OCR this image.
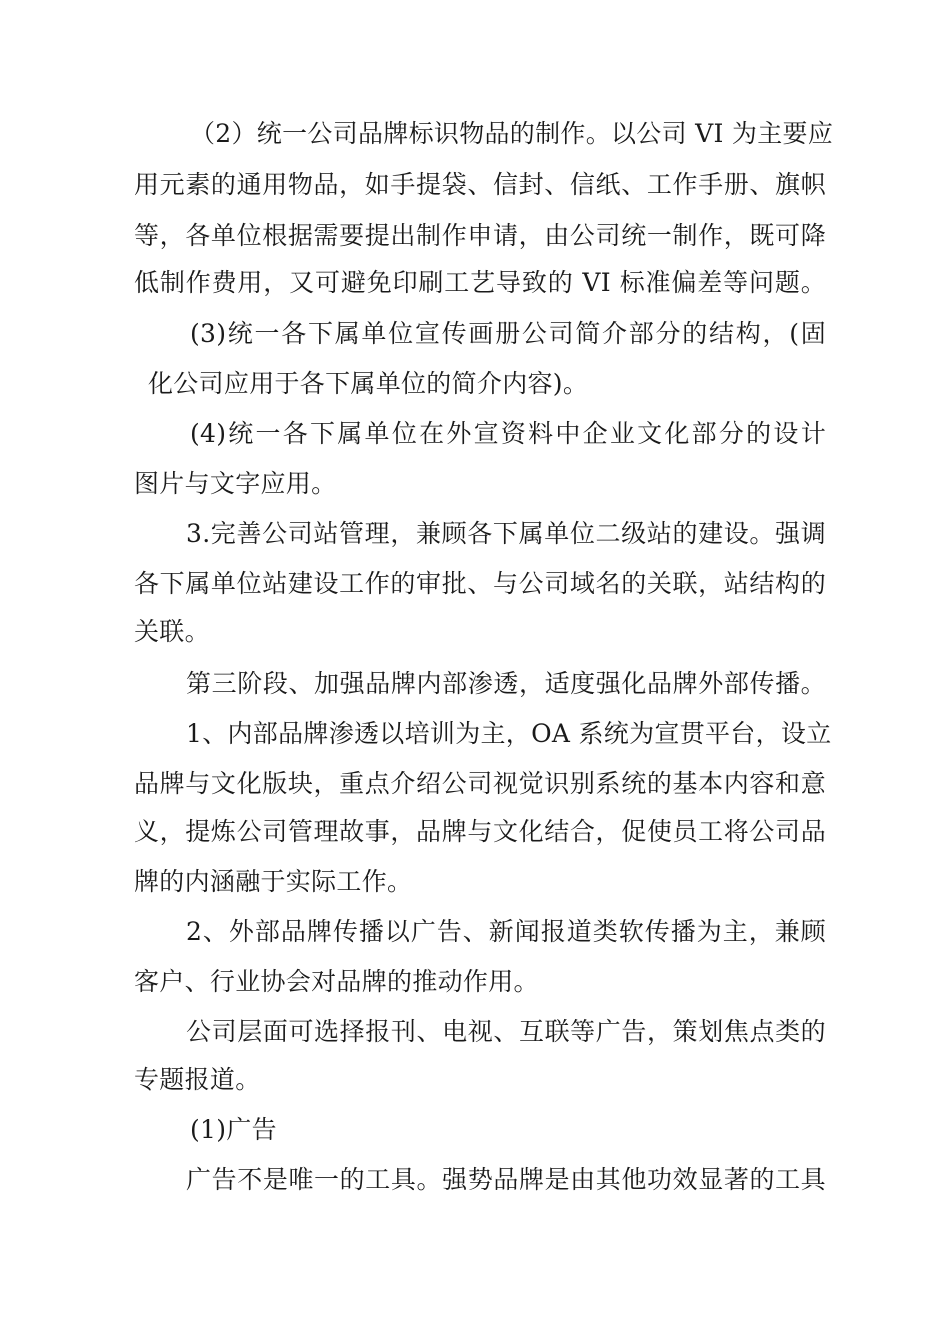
（2）统一公司品牌标识物品的制作。以公司 VI 为主要应
用元素的通用物品，如手提袋、信封、信纸、工作手册、旗帜
等，各单位根据需要提出制作申请，由公司统一制作，既可降
低制作费用，又可避免印刷工艺导致的 VI 标准偏差等问题。
(3)统一各下属单位宣传画册公司简介部分的结构，(固
化公司应用于各下属单位的简介内容)。
(4)统一各下属单位在外宣资料中企业文化部分的设计
图片与文字应用。
3.完善公司站管理，兼顾各下属单位二级站的建设。强调
各下属单位站建设工作的审批、与公司域名的关联，站结构的
关联。
第三阶段、加强品牌内部渗透，适度强化品牌外部传播。
1、内部品牌渗透以培训为主，OA 系统为宣贯平台，设立
品牌与文化版块，重点介绍公司视觉识别系统的基本内容和意
义，提炼公司管理故事，品牌与文化结合，促使员工将公司品
牌的内涵融于实际工作。
2、外部品牌传播以广告、新闻报道类软传播为主，兼顾
客户、行业协会对品牌的推动作用。
公司层面可选择报刊、电视、互联等广告，策划焦点类的
专题报道。
(1)广告
广告不是唯一的工具。强势品牌是由其他功效显著的工具
